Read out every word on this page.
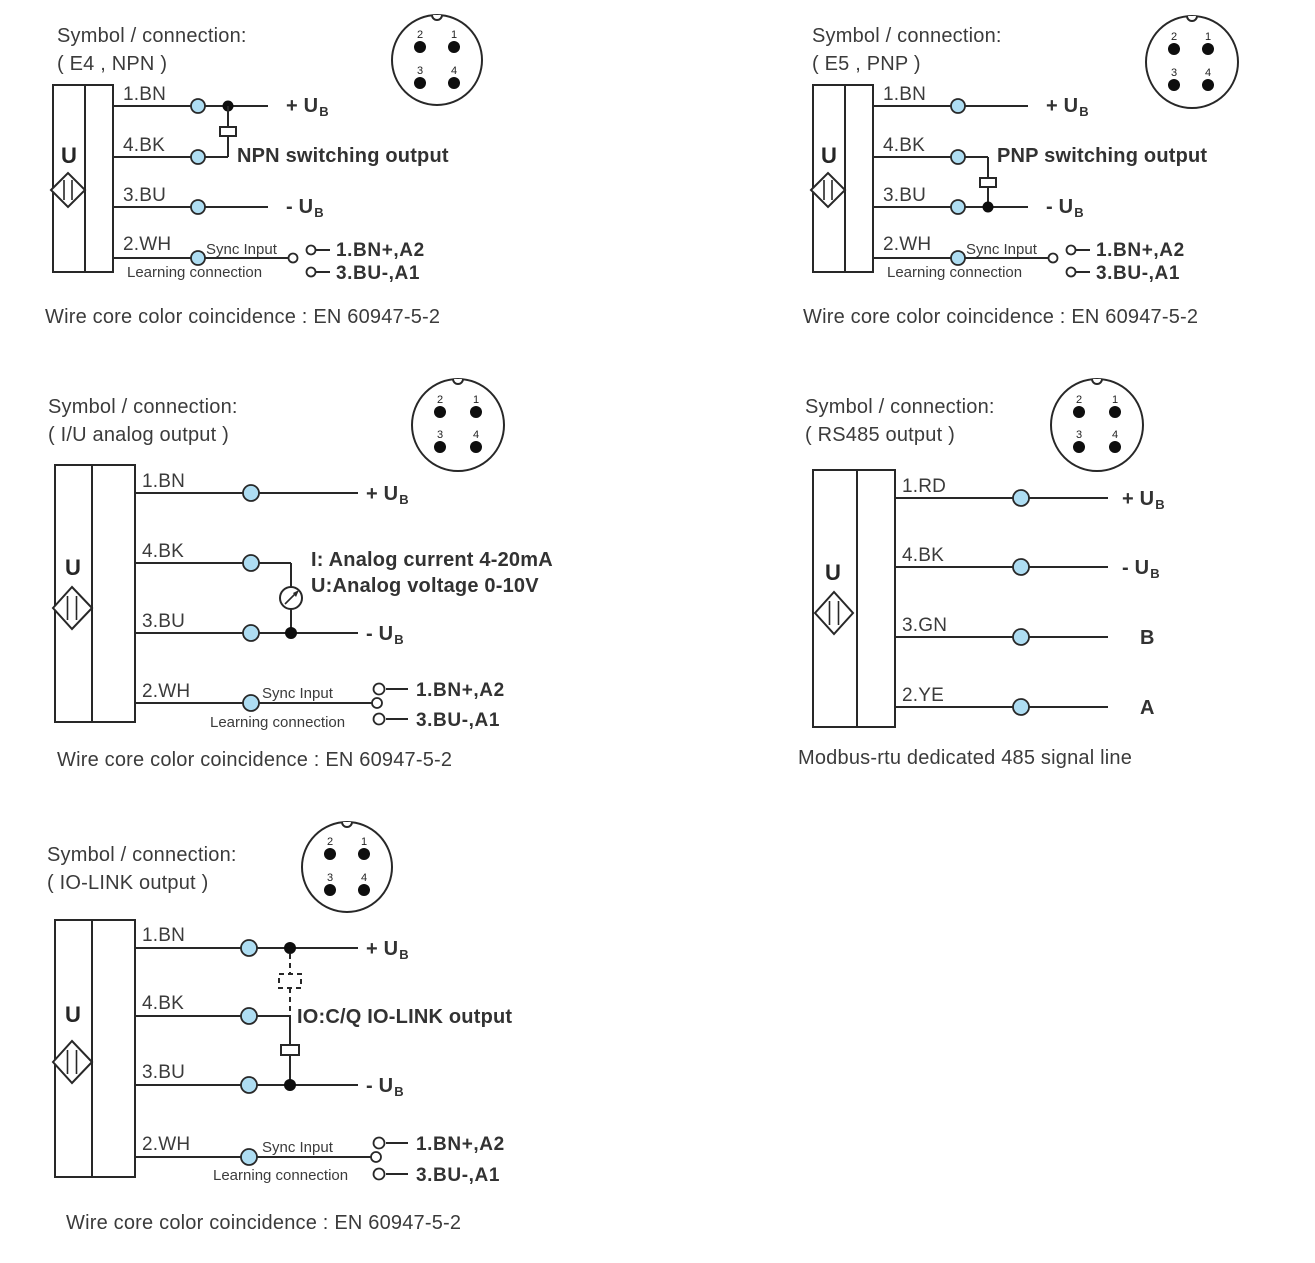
Symbol / connection:
( E4 , NPN )
2	1
3	4
U
1.BN
+ $U_B$
4.BK	NPN switching output
3.BU
- $U_B$
2.WH Sync Input
Learning connection
1.BN+,A2
3.BU-,A1
Wire core color coincidence : EN 60947-5-2
Symbol / connection:
( E5 , PNP )
2	1
3	4
U
1.BN
+ $U_B$
4.BK	PNP switching output
3.BU
- $U_B$
2.WH Sync Input
Learning connection
1.BN+,A2
3.BU-,A1
Wire core color coincidence : EN 60947-5-2
Symbol / connection:
( I/U analog output )
2	1
3	4
U
1.BN
+ $U_B$
4.BK	I: Analog current 4-20mA
U:Analog voltage 0-10V
3.BU
- $U_B$
2.WH	Sync Input
Learning connection
1.BN+,A2
3.BU-,A1
Wire core color coincidence : EN 60947-5-2
Symbol / connection:
( RS485 output )
2	1
3	4
U
1.RD
+ $U_B$
4.BK
- $U_B$
3.GN
B
2.YE
A
Modbus-rtu dedicated 485 signal line
Symbol / connection:
( IO-LINK output )
2	1
3	4
U
1.BN
+ $U_B$
4.BK
IO:C/Q IO-LINK output
3.BU
- $U_B$
2.WH	Sync Input
Learning connection
1.BN+,A2
3.BU-,A1
Wire core color coincidence : EN 60947-5-2
